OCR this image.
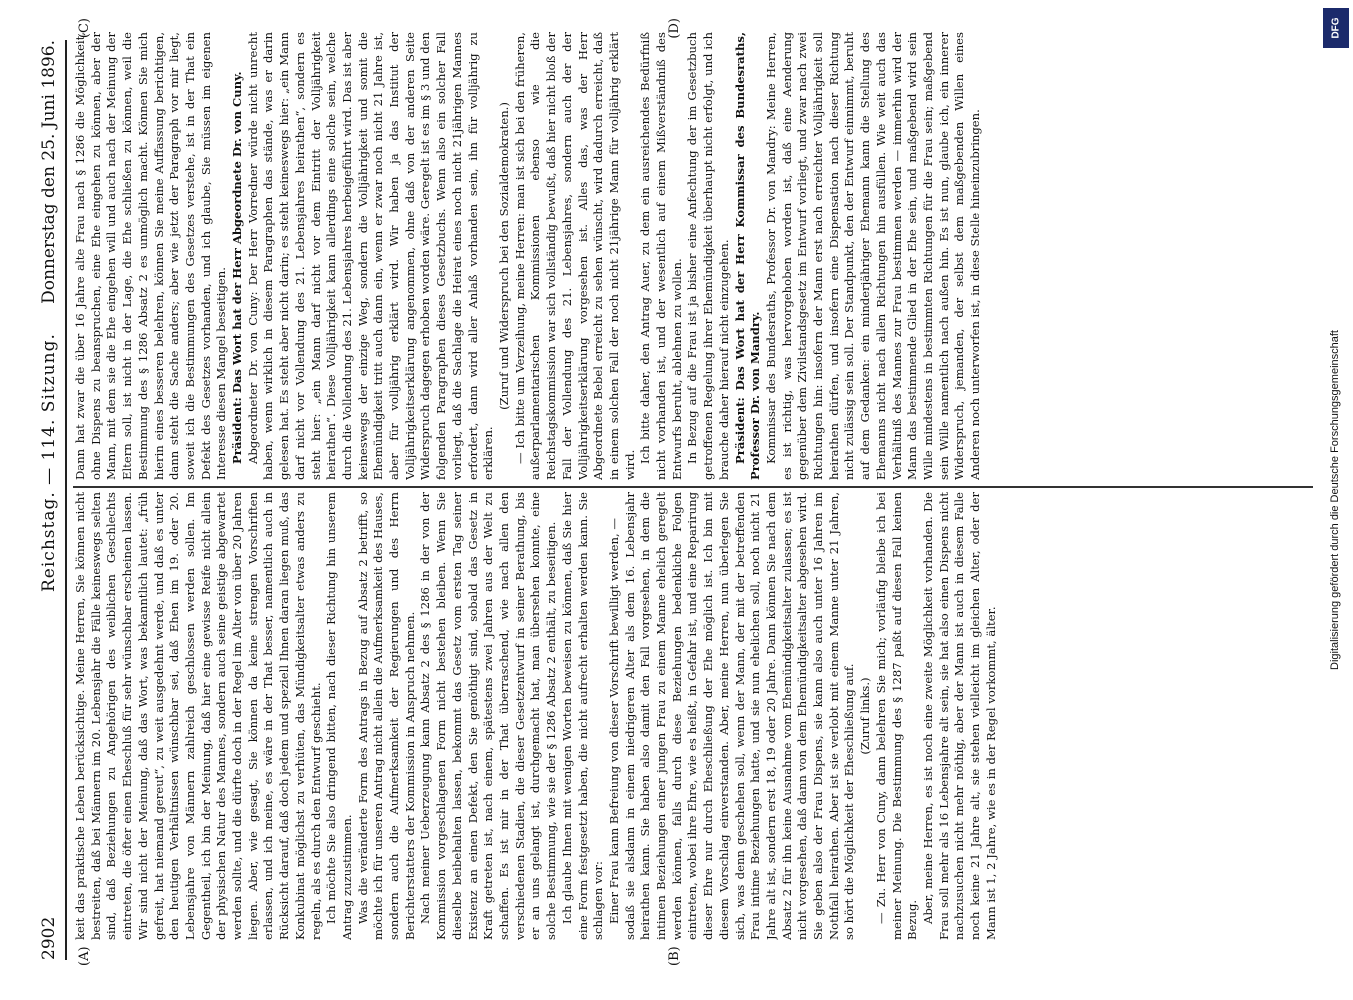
2902
Reichstag. — 114. Sitzung.
Donnerstag den 25. Juni 1896.
(A)	(B)
(C)	(D)

keit das praktische Leben berücksichtige. Meine Herren, Sie können nicht bestreiten, daß bei Männern im 20. Lebensjahr die Fälle keineswegs selten sind, daß Beziehungen zu Angehörigen des weiblichen Geschlechts eintreten, die öfter einen Eheschluß für sehr wünschbar erscheinen lassen. Wir sind nicht der Meinung, daß das Wort, was bekanntlich lautet: „früh gefreit, hat niemand gereut“, zu weit ausgedehnt werde, und daß es unter den heutigen Verhältnissen wünschbar sei, daß Ehen im 19. oder 20. Lebensjahre von Männern zahlreich geschlossen werden sollen. Im Gegentheil, ich bin der Meinung, daß hier eine gewisse Reife nicht allein der physischen Natur des Mannes, sondern auch seine geistige abgewartet werden sollte, und die dürfte doch in der Regel im Alter von über 20 Jahren liegen. Aber, wie gesagt, Sie können da keine strengen Vorschriften erlassen, und ich meine, es wäre in der That besser, namentlich auch in Rücksicht darauf, daß doch jedem und speziell Ihnen daran liegen muß, das Konkubinat möglichst zu verhüten, das Mündigkeitsalter etwas anders zu regeln, als es durch den Entwurf geschieht. Ich möchte Sie also dringend bitten, nach dieser Richtung hin unserem Antrag zuzustimmen. Was die veränderte Form des Antrags in Bezug auf Absatz 2 betrifft, so möchte ich für unseren Antrag nicht allein die Aufmerksamkeit des Hauses, sondern auch die Aufmerksamkeit der Regierungen und des Herrn Berichterstatters der Kommission in Anspruch nehmen. Nach meiner Ueberzeugung kann Absatz 2 des § 1286 in der von der Kommission vorgeschlagenen Form nicht bestehen bleiben. Wenn Sie dieselbe beibehalten lassen, bekommt das Gesetz vom ersten Tag seiner Existenz an einen Defekt, den Sie genöthigt sind, sobald das Gesetz in Kraft getreten ist, nach einem, spätestens zwei Jahren aus der Welt zu schaffen. Es ist mir in der That überraschend, wie nach allen den verschiedenen Stadien, die dieser Gesetzentwurf in seiner Berathung, bis er an uns gelangt ist, durchgemacht hat, man übersehen konnte, eine solche Bestimmung, wie sie der § 1286 Absatz 2 enthält, zu beseitigen. Ich glaube Ihnen mit wenigen Worten beweisen zu können, daß Sie hier eine Form festgesetzt haben, die nicht aufrecht erhalten werden kann. Sie schlagen vor: Einer Frau kann Befreiung von dieser Vorschrift bewilligt werden, — sodaß sie alsdann in einem niedrigeren Alter als dem 16. Lebensjahr heirathen kann. Sie haben also damit den Fall vorgesehen, in dem die intimen Beziehungen einer jungen Frau zu einem Manne ehelich geregelt werden können, falls durch diese Beziehungen bedenkliche Folgen eintreten, wobei ihre Ehre, wie es heißt, in Gefahr ist, und eine Reparirung dieser Ehre nur durch Eheschließung der Ehe möglich ist. Ich bin mit diesem Vorschlag einverstanden. Aber, meine Herren, nun überlegen Sie sich, was denn geschehen soll, wenn der Mann, der mit der betreffenden Frau intime Beziehungen hatte, und sie nun ehelichen soll, noch nicht 21 Jahre alt ist, sondern erst 18, 19 oder 20 Jahre. Dann können Sie nach dem Absatz 2 für ihn keine Ausnahme vom Ehemündigkeitsalter zulassen; es ist nicht vorgesehen, daß dann von dem Ehemündigkeitsalter abgesehen wird. Sie geben also der Frau Dispens, sie kann also auch unter 16 Jahren im Nothfall heirathen. Aber ist sie verlobt mit einem Manne unter 21 Jahren, so hört die Möglichkeit der Eheschließung auf. (Zuruf links.) — Zu. Herr von Cuny, dann belehren Sie mich; vorläufig bleibe ich bei meiner Meinung. Die Bestimmung des § 1287 paßt auf diesen Fall keinen Bezug. Aber, meine Herren, es ist noch eine zweite Möglichkeit vorhanden. Die Frau soll mehr als 16 Lebensjahre alt sein, sie hat also einen Dispens nicht nachzusuchen nicht mehr nöthig, aber der Mann ist auch in diesem Falle noch keine 21 Jahre alt, sie stehen vielleicht im gleichen Alter, oder der Mann ist 1, 2 Jahre, wie es in der Regel vorkommt, älter.

Dann hat zwar die über 16 Jahre alte Frau nach § 1286 die Möglichkeit, ohne Dispens zu beanspruchen, eine Ehe eingehen zu können, aber der Mann, mit dem sie die Ehe eingehen will und auch nach der Meinung der Eltern soll, ist nicht in der Lage, die Ehe schließen zu können, weil die Bestimmung des § 1286 Absatz 2 es unmöglich macht. Können Sie mich hierin eines besseren belehren, können Sie meine Auffassung berichtigen, dann steht die Sache anders; aber wie jetzt der Paragraph vor mir liegt, soweit ich die Bestimmungen des Gesetzes verstehe, ist in der That ein Defekt des Gesetzes vorhanden, und ich glaube, Sie müssen im eigenen Interesse diesen Mangel beseitigen. Präsident: Das Wort hat der Herr Abgeordnete Dr. von Cuny. Abgeordneter Dr. von Cuny: Der Herr Vorredner würde nicht unrecht haben, wenn wirklich in diesem Paragraphen das stände, was er darin gelesen hat. Es steht aber nicht darin; es steht keineswegs hier: „ein Mann darf nicht vor Vollendung des 21. Lebensjahres heirathen“, sondern es steht hier: „ein Mann darf nicht vor dem Eintritt der Volljährigkeit heirathen“. Diese Volljährigkeit kann allerdings eine solche sein, welche durch die Vollendung des 21. Lebensjahres herbeigeführt wird. Das ist aber keineswegs der einzige Weg, sondern die Volljährigkeit und somit die Ehemündigkeit tritt auch dann ein, wenn er zwar noch nicht 21 Jahre ist, aber für volljährig erklärt wird. Wir haben ja das Institut der Volljährigkeitserklärung angenommen, ohne daß von der anderen Seite Widerspruch dagegen erhoben worden wäre. Geregelt ist es im § 3 und den folgenden Paragraphen dieses Gesetzbuchs. Wenn also ein solcher Fall vorliegt, daß die Sachlage die Heirat eines noch nicht 21jährigen Mannes erfordert, dann wird aller Anlaß vorhanden sein, ihn für volljährig zu erklären.

(Zuruf und Widerspruch bei den Sozialdemokraten.) — Ich bitte um Verzeihung, meine Herren: man ist sich bei den früheren, außerparlamentarischen Kommissionen ebenso wie die Reichstagskommission war sich vollständig bewußt, daß hier nicht bloß der Fall der Vollendung des 21. Lebensjahres, sondern auch der der Volljährigkeitserklärung vorgesehen ist. Alles das, was der Herr Abgeordnete Bebel erreicht zu sehen wünscht, wird dadurch erreicht, daß in einem solchen Fall der noch nicht 21jährige Mann für volljährig erklärt wird.

Ich bitte daher, den Antrag Auer, zu dem ein ausreichendes Bedürfniß nicht vorhanden ist, und der wesentlich auf einem Mißverständniß des Entwurfs beruht, ablehnen zu wollen. In Bezug auf die Frau ist ja bisher eine Anfechtung der im Gesetzbuch getroffenen Regelung ihrer Ehemündigkeit überhaupt nicht erfolgt, und ich brauche daher hierauf nicht einzugehen. Präsident: Das Wort hat der Herr Kommissar des Bundesraths, Professor Dr. von Mandry. Kommissar des Bundesraths, Professor Dr. von Mandry: Meine Herren, es ist richtig, was hervorgehoben worden ist, daß eine Aenderung gegenüber dem Zivilstandsgesetz im Entwurf vorliegt, und zwar nach zwei Richtungen hin: insofern der Mann erst nach erreichter Volljährigkeit soll heirathen dürfen, und insofern eine Dispensation nach dieser Richtung nicht zulässig sein soll. Der Standpunkt, den der Entwurf einnimmt, beruht auf dem Gedanken: ein minderjähriger Ehemann kann die Stellung des Ehemanns nicht nach allen Richtungen hin ausfüllen. Wie weit auch das Verhältniß des Mannes zur Frau bestimmen werden — immerhin wird der Mann das bestimmende Glied in der Ehe sein, und maßgebend wird sein Wille mindestens in bestimmten Richtungen für die Frau sein; maßgebend sein Wille namentlich nach außen hin. Es ist nun, glaube ich, ein innerer Widerspruch, jemanden, der selbst dem maßgebenden Willen eines Anderen noch unterworfen ist, in diese Stelle hineinzubringen.

Digitalisierung gefördert durch die Deutsche Forschungsgemeinschaft
DFG
